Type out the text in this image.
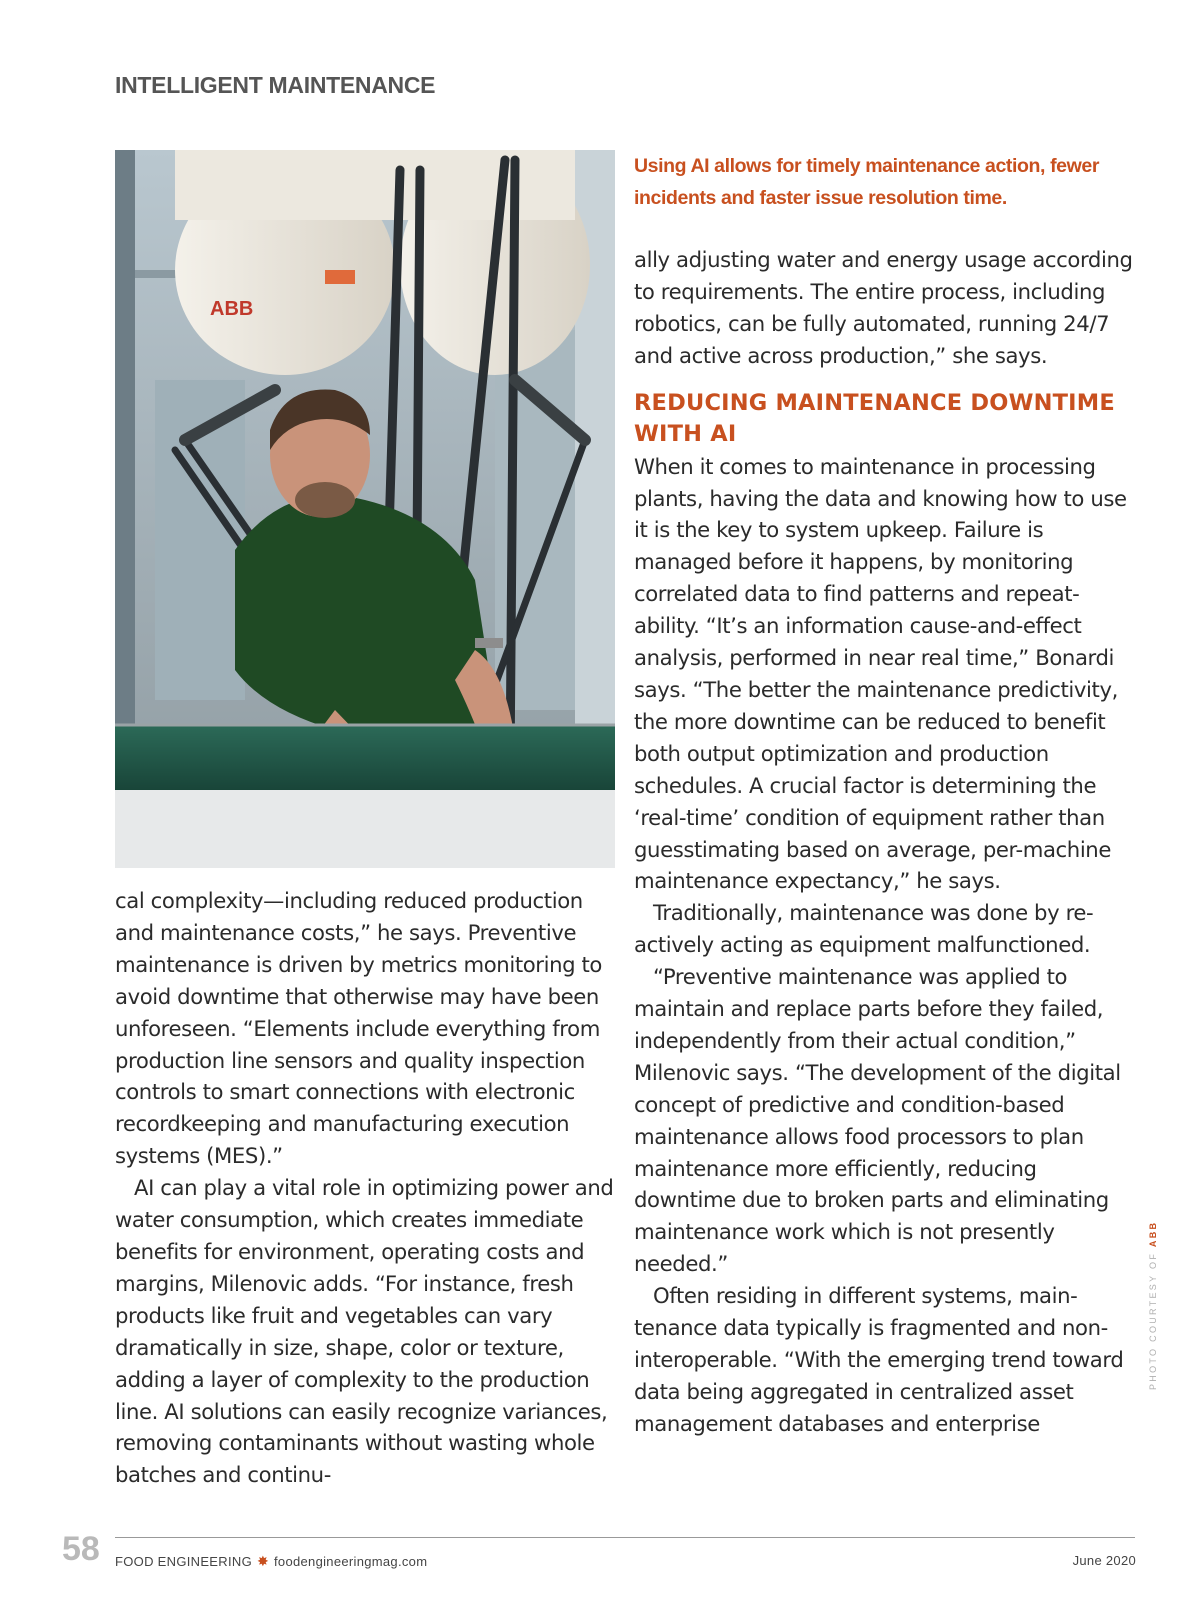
INTELLIGENT MAINTENANCE
ABB

cal complexity—including reduced production and maintenance costs,” he says. Preventive maintenance is driven by metrics monitoring to avoid downtime that otherwise may have been unforeseen. “Elements include everything from production line sensors and quality inspection controls to smart connections with electronic recordkeeping and manufacturing execution systems (MES).”

AI can play a vital role in optimizing power and water consumption, which creates immediate benefits for environment, operating costs and margins, Milenovic adds. “For instance, fresh products like fruit and vegetables can vary dramatically in size, shape, color or texture, adding a layer of complexity to the production line. AI solutions can easily recognize variances, removing contaminants without wasting whole batches and continu-

Using AI allows for timely maintenance action, fewer incidents and faster issue resolution time.

ally adjusting water and energy usage according to requirements. The entire process, including robotics, can be fully automated, running 24/7 and active across production,” she says.

REDUCING MAINTENANCE DOWNTIME WITH AI

When it comes to maintenance in processing plants, having the data and knowing how to use it is the key to system upkeep. Failure is managed before it happens, by monitoring correlated data to find patterns and repeatability. “It’s an information cause-and-effect analysis, performed in near real time,” Bonardi says. “The better the maintenance predictivity, the more downtime can be reduced to benefit both output optimization and production schedules. A crucial factor is determining the ‘real-time’ condition of equipment rather than guesstimating based on average, per-machine maintenance expectancy,” he says.

Traditionally, maintenance was done by reactively acting as equipment malfunctioned.

“Preventive maintenance was applied to maintain and replace parts before they failed, independently from their actual condition,” Milenovic says. “The development of the digital concept of predictive and condition-based maintenance allows food processors to plan maintenance more efficiently, reducing downtime due to broken parts and eliminating maintenance work which is not presently needed.”

Often residing in different systems, maintenance data typically is fragmented and non-interoperable. “With the emerging trend toward data being aggregated in centralized asset management databases and enterprise

PHOTO COURTESY OF ABB
58 FOOD ENGINEERING ✸ foodengineeringmag.com	June 2020
